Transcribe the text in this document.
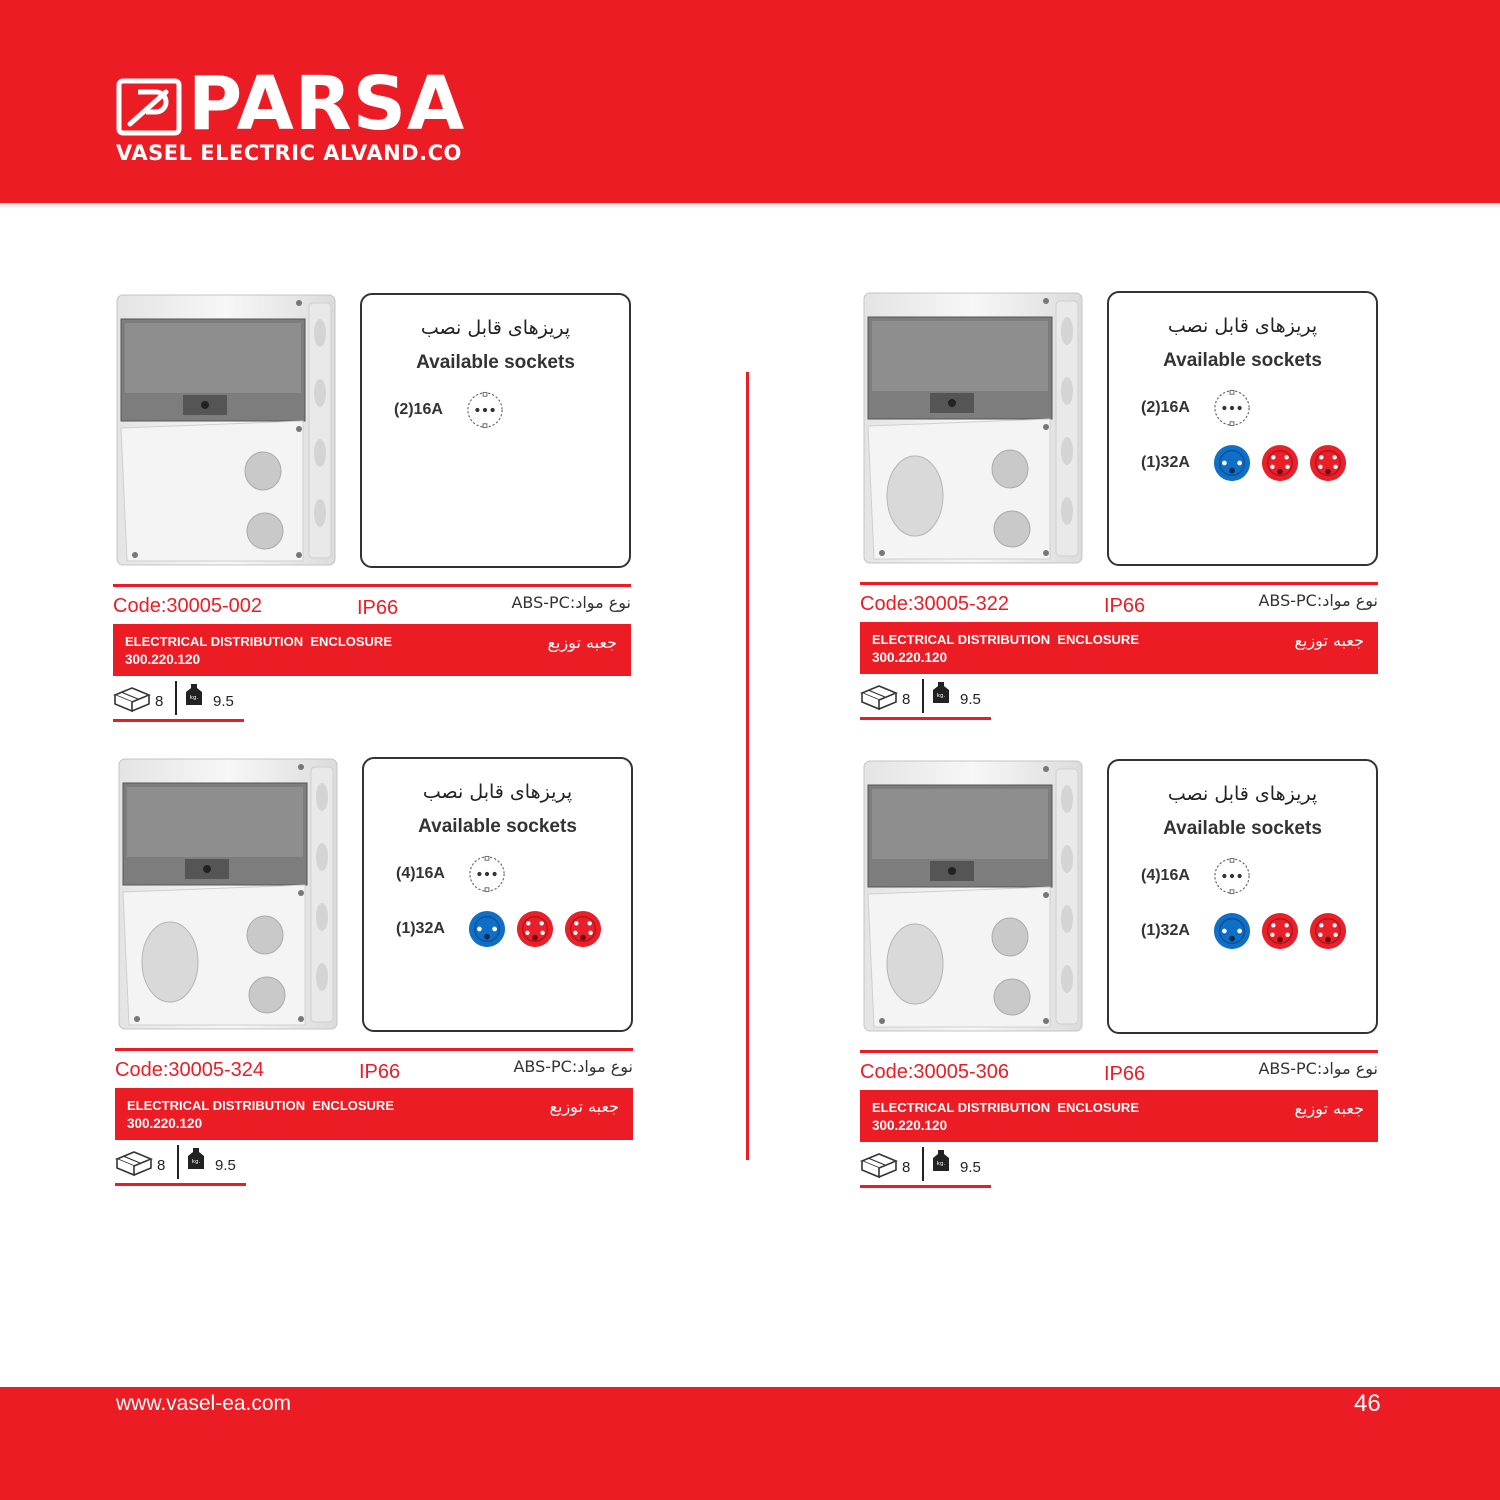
PARSA
VASEL ELECTRIC ALVAND.CO
پریزهای قابل نصب
Available sockets
(2)16A
Code:30005-002	IP66	نوع مواد:ABS-PC
ELECTRICAL DISTRIBUTION  ENCLOSURE
300.220.120
جعبه توزیع
8	kg. 9.5
پریزهای قابل نصب
Available sockets
(2)16A
(1)32A
Code:30005-322	IP66	نوع مواد:ABS-PC
ELECTRICAL DISTRIBUTION  ENCLOSURE
300.220.120
جعبه توزیع
8	kg. 9.5
پریزهای قابل نصب
Available sockets
(4)16A
(1)32A
Code:30005-324	IP66	نوع مواد:ABS-PC
ELECTRICAL DISTRIBUTION  ENCLOSURE
300.220.120
جعبه توزیع
8	kg. 9.5
پریزهای قابل نصب
Available sockets
(4)16A
(1)32A
Code:30005-306	IP66	نوع مواد:ABS-PC
ELECTRICAL DISTRIBUTION  ENCLOSURE
300.220.120
جعبه توزیع
8	kg. 9.5
www.vasel-ea.com	46
